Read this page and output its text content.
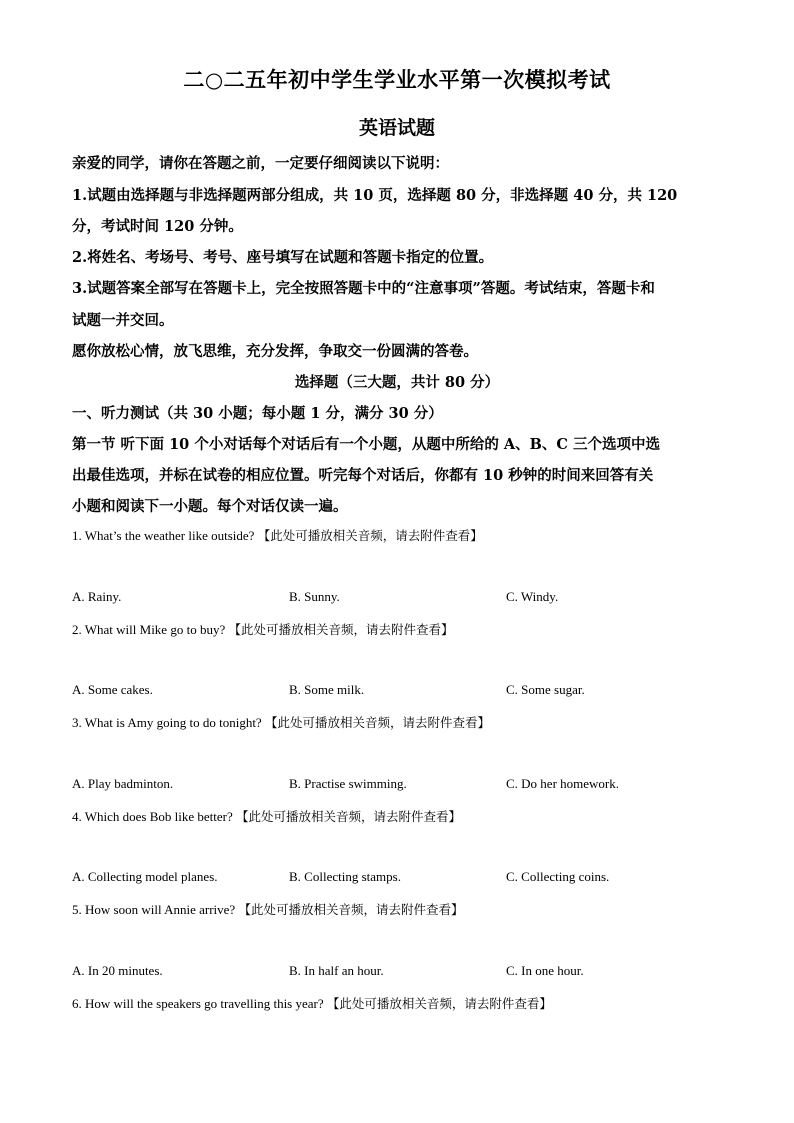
二○二五年初中学生学业水平第一次模拟考试
英语试题
亲爱的同学，请你在答题之前，一定要仔细阅读以下说明：
1.试题由选择题与非选择题两部分组成，共 10 页，选择题 80 分，非选择题 40 分，共 120
分，考试时间 120 分钟。
2.将姓名、考场号、考号、座号填写在试题和答题卡指定的位置。
3.试题答案全部写在答题卡上，完全按照答题卡中的“注意事项”答题。考试结束，答题卡和
试题一并交回。
愿你放松心情，放飞思维，充分发挥，争取交一份圆满的答卷。
选择题（三大题，共计 80 分）
一、听力测试（共 30 小题；每小题 1 分，满分 30 分）
第一节 听下面 10 个小对话每个对话后有一个小题，从题中所给的 A、B、C 三个选项中选
出最佳选项，并标在试卷的相应位置。听完每个对话后，你都有 10 秒钟的时间来回答有关
小题和阅读下一小题。每个对话仅读一遍。
1. What’s the weather like outside? 【此处可播放相关音频，请去附件查看】
A. Rainy.	B. Sunny.	C. Windy.
2. What will Mike go to buy? 【此处可播放相关音频，请去附件查看】
A. Some cakes.	B. Some milk.	C. Some sugar.
3. What is Amy going to do tonight? 【此处可播放相关音频，请去附件查看】
A. Play badminton.	B. Practise swimming.	C. Do her homework.
4. Which does Bob like better? 【此处可播放相关音频，请去附件查看】
A. Collecting model planes.	B. Collecting stamps.	C. Collecting coins.
5. How soon will Annie arrive? 【此处可播放相关音频，请去附件查看】
A. In 20 minutes.	B. In half an hour.	C. In one hour.
6. How will the speakers go travelling this year? 【此处可播放相关音频，请去附件查看】
